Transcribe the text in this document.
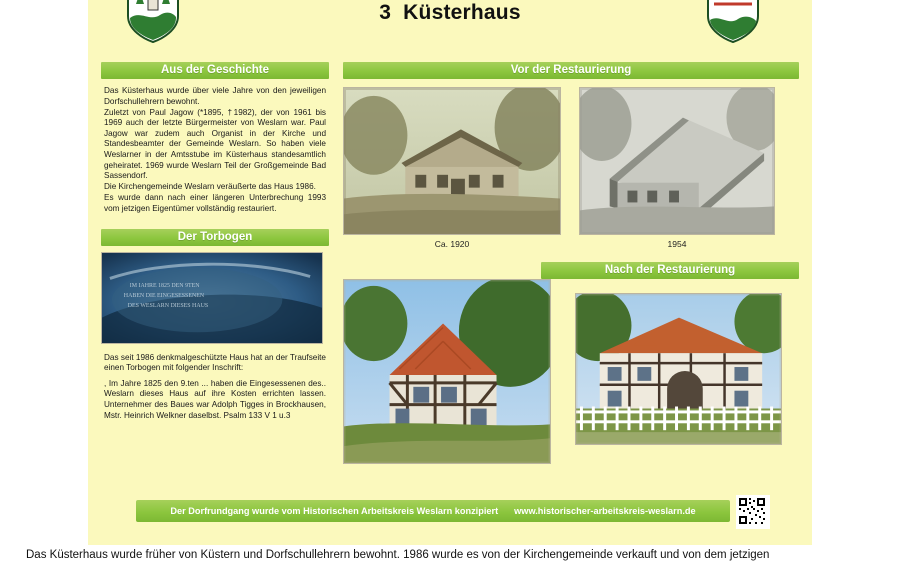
3 Küsterhaus
Aus der Geschichte

Das Küsterhaus wurde über viele Jahre von den jeweiligen Dorfschullehrern bewohnt.

Zuletzt von Paul Jagow (*1895, †1982), der von 1961 bis 1969 auch der letzte Bürgermeister von Weslarn war. Paul Jagow war zudem auch Organist in der Kirche und Standesbeamter der Gemeinde Weslarn. So haben viele Weslarner in der Amtsstube im Küsterhaus standesamtlich geheiratet. 1969 wurde Weslarn Teil der Großgemeinde Bad Sassendorf.

Die Kirchengemeinde Weslarn veräußerte das Haus 1986.

Es wurde dann nach einer längeren Unterbrechung 1993 vom jetzigen Eigentümer vollständig restauriert.

Der Torbogen
IM IAHRE 1825 DEN 9TEN
HABEN DIE EINGESESSENEN
DES WESLARN DIESES HAUS

Das seit 1986 denkmalgeschützte Haus hat an der Traufseite einen Torbogen mit folgender Inschrift:

, Im Jahre 1825 den 9.ten ... haben die Eingesessenen des.. Weslarn dieses Haus auf ihre Kosten errichten lassen. Unternehmer des Baues war Adolph Tigges in Brockhausen, Mstr. Heinrich Welkner daselbst. Psalm 133 V 1 u.3

Vor der Restaurierung
Ca. 1920	1954
Nach der Restaurierung
Der Dorfrundgang wurde vom Historischen Arbeitskreis Weslarn konzipiert www.historischer-arbeitskreis-weslarn.de
Das Küsterhaus wurde früher von Küstern und Dorfschullehrern bewohnt. 1986 wurde es von der Kirchengemeinde verkauft und von dem jetzigen
